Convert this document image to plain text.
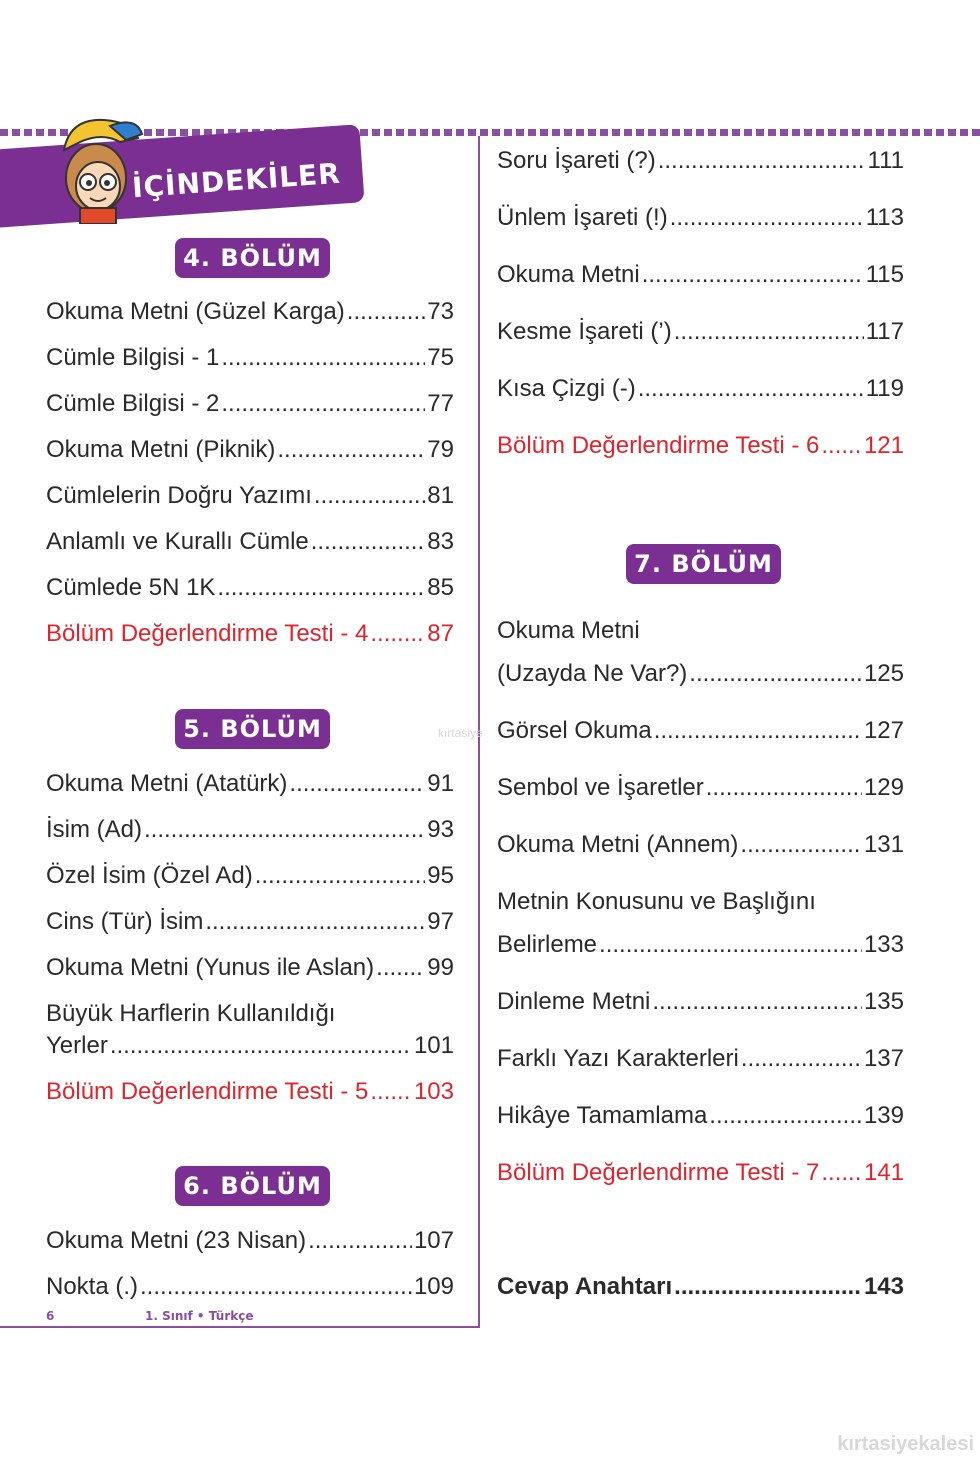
İÇİNDEKİLER
4. BÖLÜM
5. BÖLÜM
6. BÖLÜM
7. BÖLÜM
Okuma Metni (Güzel Karga) .....	73
Cümle Bilgisi - 1 .....	75
Cümle Bilgisi - 2 .....	77
Okuma Metni (Piknik) .....	79
Cümlelerin Doğru Yazımı .....	81
Anlamlı ve Kurallı Cümle .....	83
Cümlede 5N 1K .....	85
Bölüm Değerlendirme Testi - 4 ..... 87
Okuma Metni (Atatürk) .....	91
İsim (Ad) .....	93
Özel İsim (Özel Ad) .....	95
Cins (Tür) İsim .....	97
Okuma Metni (Yunus ile Aslan) ..... 99
Büyük Harflerin Kullanıldığı
Yerler .....	101
Bölüm Değerlendirme Testi - 5 ..... 103
Okuma Metni (23 Nisan) .....	107
Nokta (.) .....	109
Soru İşareti (?) .....	111
Ünlem İşareti (!) .....	113
Okuma Metni .....	115
Kesme İşareti (’) .....	117
Kısa Çizgi (-) .....	119
Bölüm Değerlendirme Testi - 6 ..... 121
Okuma Metni
(Uzayda Ne Var?) .....	125
Görsel Okuma .....	127
Sembol ve İşaretler .....	129
Okuma Metni (Annem) .....	131
Metnin Konusunu ve Başlığını
Belirleme .....	133
Dinleme Metni .....	135
Farklı Yazı Karakterleri .....	137
Hikâye Tamamlama .....	139
Bölüm Değerlendirme Testi - 7 ..... 141
Cevap Anahtarı .....	143
6	1. Sınıf • Türkçe
kırtasiye
kırtasiyekalesi
